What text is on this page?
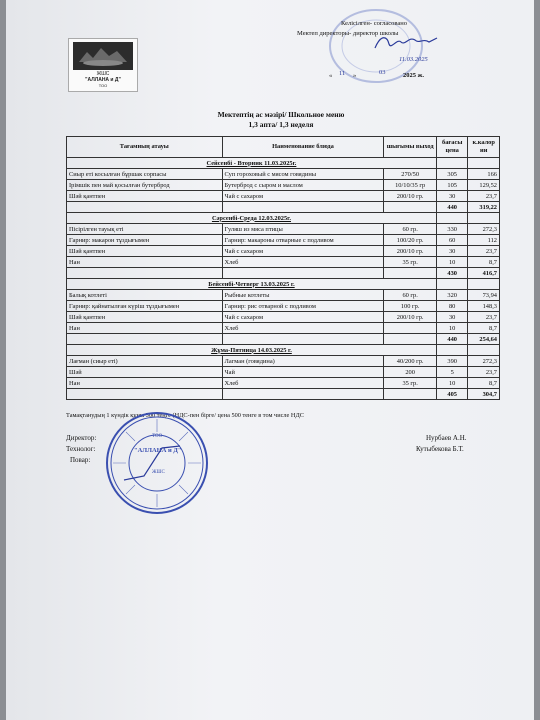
ЖШС
"АЛЛАНА и Д"
ТОО
Келісілген- согласовано
Мектеп директоры- директор школы
11.03.2025
« 11 »	03	2025 ж.
Мектептің ас мәзірі/ Школьное меню
1,3 апта/ 1,3 неделя
Тағамның атауы	Наименование блюда	шығымы выход	бағасы цена	к.калор ии
Сейсенбі - Вторник 11.03.2025г.				
Сиыр еті косылған бұршак сорпасы	Суп гороховый с мясом говядины	270/50	305	166
Ірімшік пен май қосылған бутерброд	Бутерброд с сыром и маслом	10/10/35 гр	105	129,52
Шәй қантпен	Чай с сахаром	200/10 гр.	30	23,7
			440	319,22
Сәрсенбі-Среда 12.03.2025г.				
Пісірілген тауық еті	Гуляш из мяса птицы	60 гр.	330	272,3
Гарнир: макарон тұздығымен	Гарнир: макароны отварные с подливом	100/20 гр.	60	112
Шәй қантпен	Чай с сахаром	200/10 гр.	30	23,7
Нан	Хлеб	35 гр.	10	8,7
			430	416,7
Бейсенбі-Четверг 13.03.2025 г.				
Балық котлеті	Рыбные котлеты	60 гр.	320	73,94
Гарнир: қайнатылған күріш тұздығымен	Гарнир: рис отварной с подливом	100 гр.	80	148,3
Шәй қантпен	Чай с сахаром	200/10 гр.	30	23,7
Нан	Хлеб		10	8,7
			440	254,64
Жұма-Пятница 14.03.2025 г.				
Лағман (сиыр еті)	Лагман (говядина)	40/200 гр.	390	272,3
Шәй	Чай	200	5	23,7
Нан	Хлеб	35 гр.	10	8,7
			405	304,7
Тамақтанудың 1 күндік құны 500 теңге (НДС-пен бірге/ цена 500 тенге в том числе НДС
"АЛЛАНА и Д"
ТОО
ЖШС
Директор:	Нурбаев А.Н.
Технолог:	Кутыбекова Б.Т.
Повар:
